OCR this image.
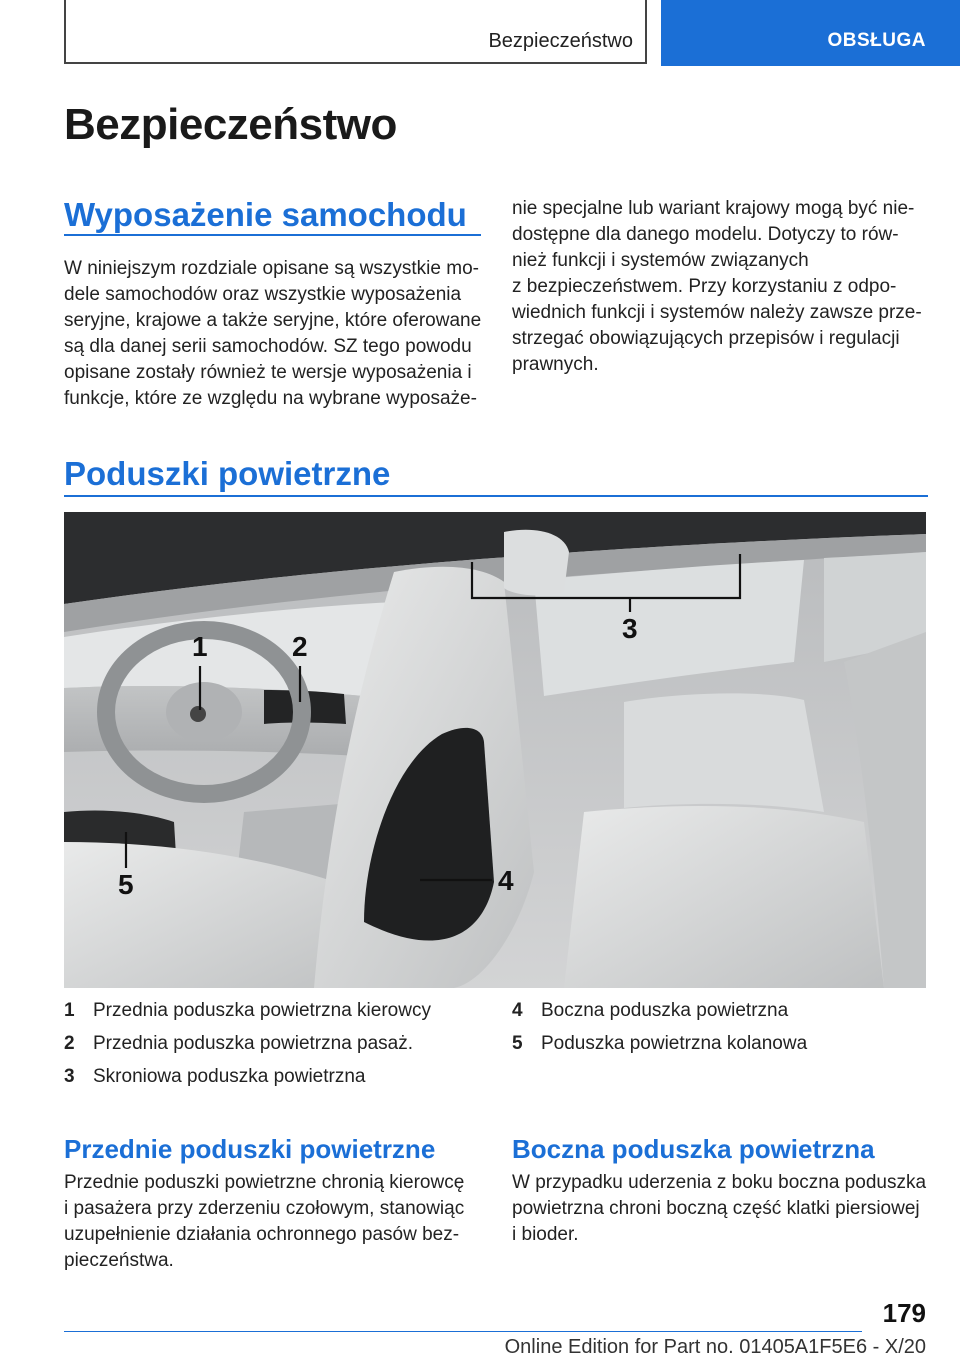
Bezpieczeństwo	OBSŁUGA
Bezpieczeństwo
Wyposażenie samochodu
W niniejszym rozdziale opisane są wszystkie mo‐
dele samochodów oraz wszystkie wyposażenia
seryjne, krajowe a także seryjne, które oferowane
są dla danej serii samochodów. SZ tego powodu
opisane zostały również te wersje wyposażenia i
funkcje, które ze względu na wybrane wyposaże‐
nie specjalne lub wariant krajowy mogą być nie‐
dostępne dla danego modelu. Dotyczy to rów‐
nież funkcji i systemów związanych
z bezpieczeństwem. Przy korzystaniu z odpo‐
wiednich funkcji i systemów należy zawsze prze‐
strzegać obowiązujących przepisów i regulacji
prawnych.
Poduszki powietrzne
1	2
3
4
5
1 Przednia poduszka powietrzna kierowcy
2 Przednia poduszka powietrzna pasaż.
3 Skroniowa poduszka powietrzna
4 Boczna poduszka powietrzna
5 Poduszka powietrzna kolanowa
Przednie poduszki powietrzne
Przednie poduszki powietrzne chronią kierowcę
i pasażera przy zderzeniu czołowym, stanowiąc
uzupełnienie działania ochronnego pasów bez‐
pieczeństwa.
Boczna poduszka powietrzna
W przypadku uderzenia z boku boczna poduszka
powietrzna chroni boczną część klatki piersiowej
i bioder.
179
Online Edition for Part no. 01405A1F5E6 - X/20
